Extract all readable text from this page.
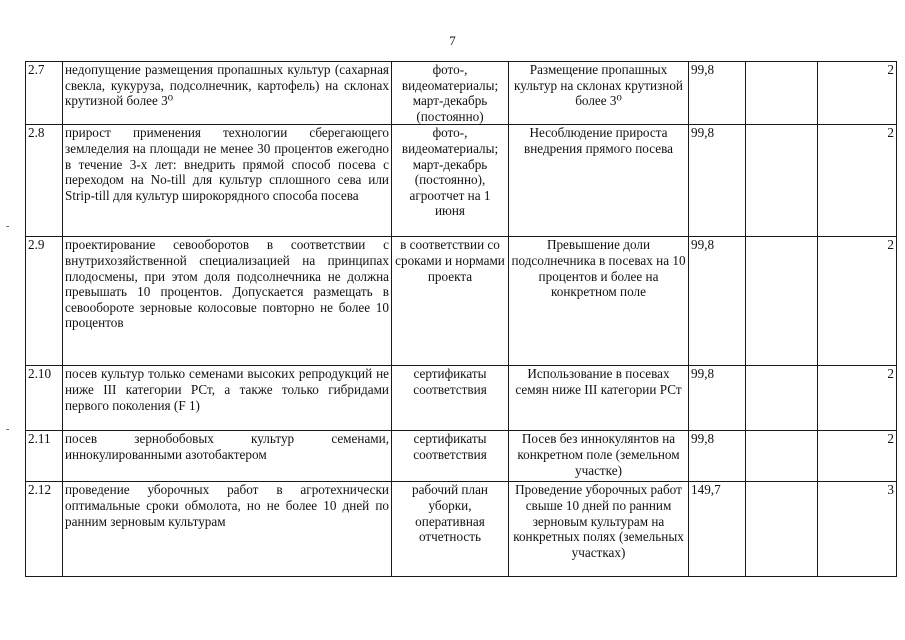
7
-
-
2.7	недопущение размещения пропашных культур (сахарная свекла, кукуруза, подсолнечник, картофель) на склонах крутизной более 3⁰	фото-, видеоматериалы; март-декабрь (постоянно)	Размещение пропашных культур на склонах крутизной более 3⁰	99,8		2
2.8	прирост применения технологии сберегающего земледелия на площади не менее 30 процентов ежегодно в течение 3-х лет: внедрить прямой способ посева с переходом на No-till для культур сплошного сева или Strip-till для культур широкорядного способа посева	фото-, видеоматериалы; март-декабрь (постоянно), агроотчет на 1 июня	Несоблюдение прироста внедрения прямого посева	99,8		2
2.9	проектирование севооборотов в соответствии с внутрихозяйственной специализацией на принципах плодосмены, при этом доля подсолнечника не должна превышать 10 процентов. Допускается размещать в севообороте зерновые колосовые повторно не более 10 процентов	в соответствии со сроками и нормами проекта	Превышение доли подсолнечника в посевах на 10 процентов и более на конкретном поле	99,8		2
2.10	посев культур только семенами высоких репродукций не ниже III категории РСт, а также только гибридами первого поколения (F 1)	сертификаты соответствия	Использование в посевах семян ниже III категории РСт	99,8		2
2.11	посев зернобобовых культур семенами, иннокулированными азотобактером	сертификаты соответствия	Посев без иннокулянтов на конкретном поле (земельном участке)	99,8		2
2.12	проведение уборочных работ в агротехнически оптимальные сроки обмолота, но не более 10 дней по ранним зерновым культурам	рабочий план уборки, оперативная отчетность	Проведение уборочных работ свыше 10 дней по ранним зерновым культурам на конкретных полях (земельных участках)	149,7		3
